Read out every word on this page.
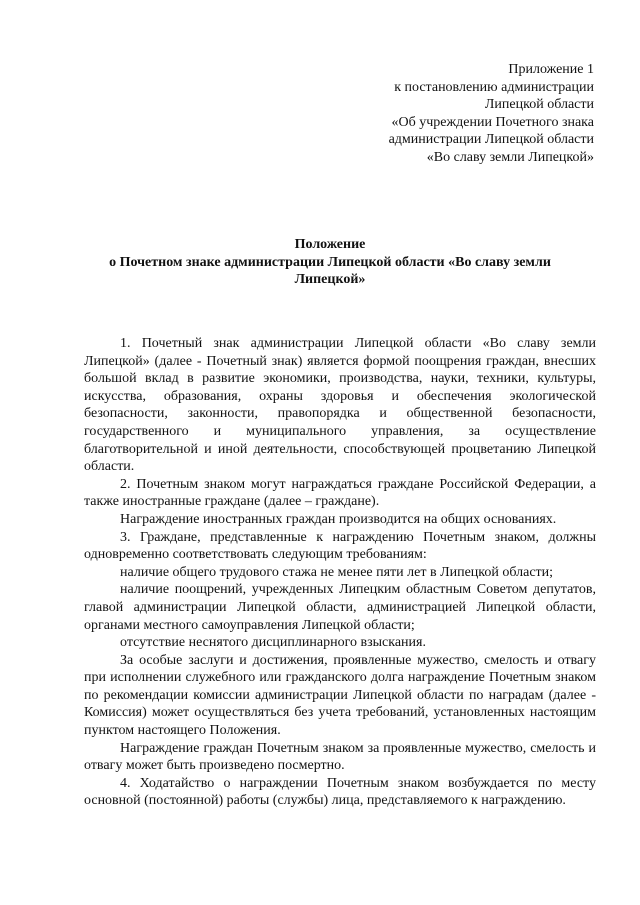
Приложение 1
к постановлению администрации
Липецкой области
«Об учреждении Почетного знака
администрации Липецкой области
«Во славу земли Липецкой»
Положение
о Почетном знаке администрации Липецкой области «Во славу земли
Липецкой»

1. Почетный знак администрации Липецкой области «Во славу земли Липецкой» (далее - Почетный знак) является формой поощрения граждан, внесших большой вклад в развитие экономики, производства, науки, техники, культуры, искусства, образования, охраны здоровья и обеспечения экологической безопасности, законности, правопорядка и общественной безопасности, государственного и муниципального управления, за осуществление благотворительной и иной деятельности, способствующей процветанию Липецкой области.

2. Почетным знаком могут награждаться граждане Российской Федерации, а также иностранные граждане (далее – граждане).

Награждение иностранных граждан производится на общих основаниях.

3. Граждане, представленные к награждению Почетным знаком, должны одновременно соответствовать следующим требованиям:

наличие общего трудового стажа не менее пяти лет в Липецкой области;

наличие поощрений, учрежденных Липецким областным Советом депутатов, главой администрации Липецкой области, администрацией Липецкой области, органами местного самоуправления Липецкой области;

отсутствие неснятого дисциплинарного взыскания.

За особые заслуги и достижения, проявленные мужество, смелость и отвагу при исполнении служебного или гражданского долга награждение Почетным знаком по рекомендации комиссии администрации Липецкой области по наградам (далее - Комиссия) может осуществляться без учета требований, установленных настоящим пунктом настоящего Положения.

Награждение граждан Почетным знаком за проявленные мужество, смелость и отвагу может быть произведено посмертно.

4. Ходатайство о награждении Почетным знаком возбуждается по месту основной (постоянной) работы (службы) лица, представляемого к награждению.
